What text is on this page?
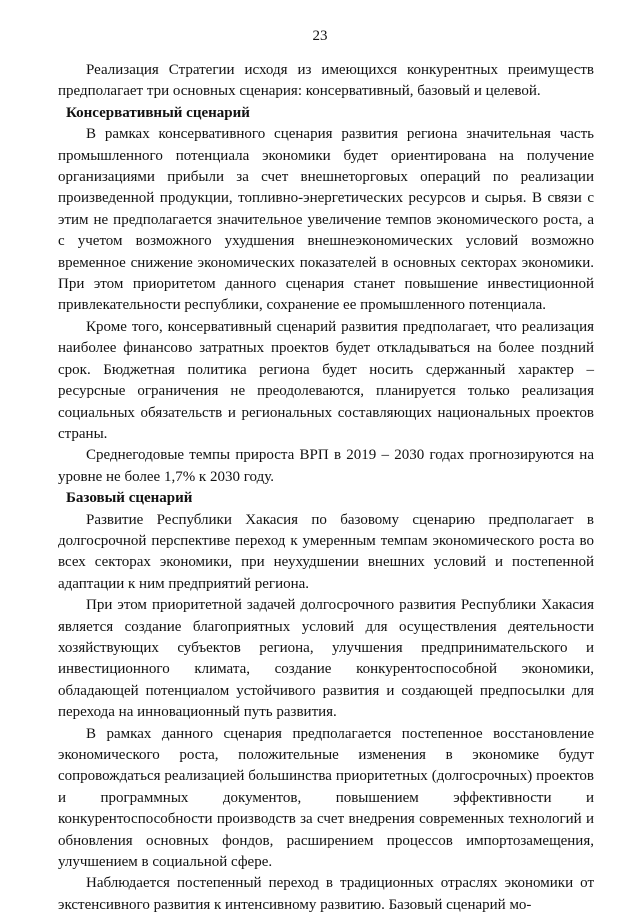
23

Реализация Стратегии исходя из имеющихся конкурентных преимуществ предполагает три основных сценария: консервативный, базовый и целевой.

Консервативный сценарий

В рамках консервативного сценария развития региона значительная часть промышленного потенциала экономики будет ориентирована на получение организациями прибыли за счет внешнеторговых операций по реализации произведенной продукции, топливно-энергетических ресурсов и сырья. В связи с этим не предполагается значительное увеличение темпов экономического роста, а с учетом возможного ухудшения внешнеэкономических условий возможно временное снижение экономических показателей в основных секторах экономики. При этом приоритетом данного сценария станет повышение инвестиционной привлекательности республики, сохранение ее промышленного потенциала.

Кроме того, консервативный сценарий развития предполагает, что реализация наиболее финансово затратных проектов будет откладываться на более поздний срок. Бюджетная политика региона будет носить сдержанный характер – ресурсные ограничения не преодолеваются, планируется только реализация социальных обязательств и региональных составляющих национальных проектов страны.

Среднегодовые темпы прироста ВРП в 2019 – 2030 годах прогнозируются на уровне не более 1,7% к 2030 году.

Базовый сценарий

Развитие Республики Хакасия по базовому сценарию предполагает в долгосрочной перспективе переход к умеренным темпам экономического роста во всех секторах экономики, при неухудшении внешних условий и постепенной адаптации к ним предприятий региона.

При этом приоритетной задачей долгосрочного развития Республики Хакасия является создание благоприятных условий для осуществления деятельности хозяйствующих субъектов региона, улучшения предпринимательского и инвестиционного климата, создание конкурентоспособной экономики, обладающей потенциалом устойчивого развития и создающей предпосылки для перехода на инновационный путь развития.

В рамках данного сценария предполагается постепенное восстановление экономического роста, положительные изменения в экономике будут сопровождаться реализацией большинства приоритетных (долгосрочных) проектов и программных документов, повышением эффективности и конкурентоспособности производств за счет внедрения современных технологий и обновления основных фондов, расширением процессов импортозамещения, улучшением в социальной сфере.

Наблюдается постепенный переход в традиционных отраслях экономики от экстенсивного развития к интенсивному развитию. Базовый сценарий мо-
